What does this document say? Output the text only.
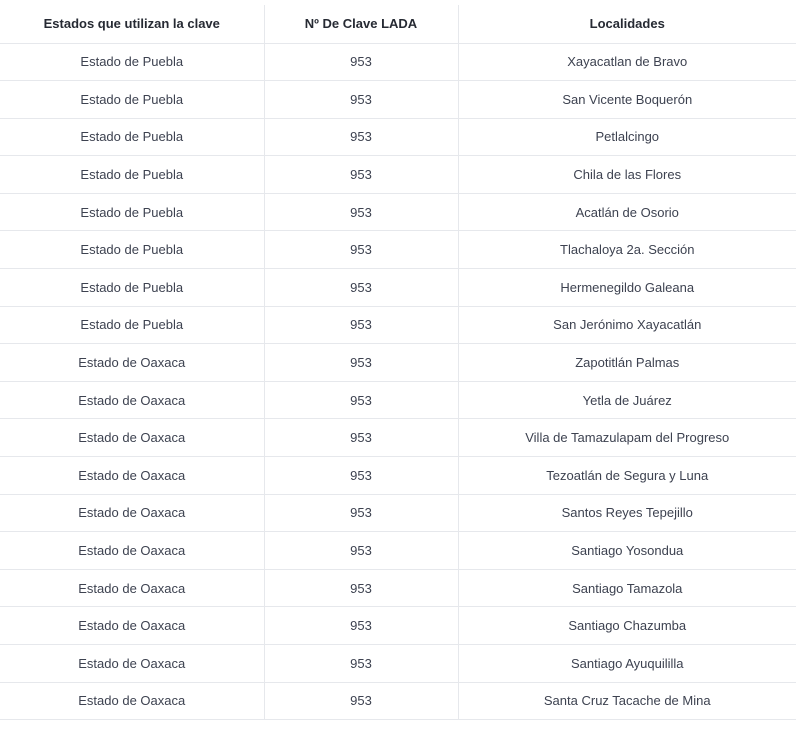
Estados que utilizan la clave	Nº De Clave LADA	Localidades
Estado de Puebla	953	Xayacatlan de Bravo
Estado de Puebla	953	San Vicente Boquerón
Estado de Puebla	953	Petlalcingo
Estado de Puebla	953	Chila de las Flores
Estado de Puebla	953	Acatlán de Osorio
Estado de Puebla	953	Tlachaloya 2a. Sección
Estado de Puebla	953	Hermenegildo Galeana
Estado de Puebla	953	San Jerónimo Xayacatlán
Estado de Oaxaca	953	Zapotitlán Palmas
Estado de Oaxaca	953	Yetla de Juárez
Estado de Oaxaca	953	Villa de Tamazulapam del Progreso
Estado de Oaxaca	953	Tezoatlán de Segura y Luna
Estado de Oaxaca	953	Santos Reyes Tepejillo
Estado de Oaxaca	953	Santiago Yosondua
Estado de Oaxaca	953	Santiago Tamazola
Estado de Oaxaca	953	Santiago Chazumba
Estado de Oaxaca	953	Santiago Ayuquililla
Estado de Oaxaca	953	Santa Cruz Tacache de Mina
